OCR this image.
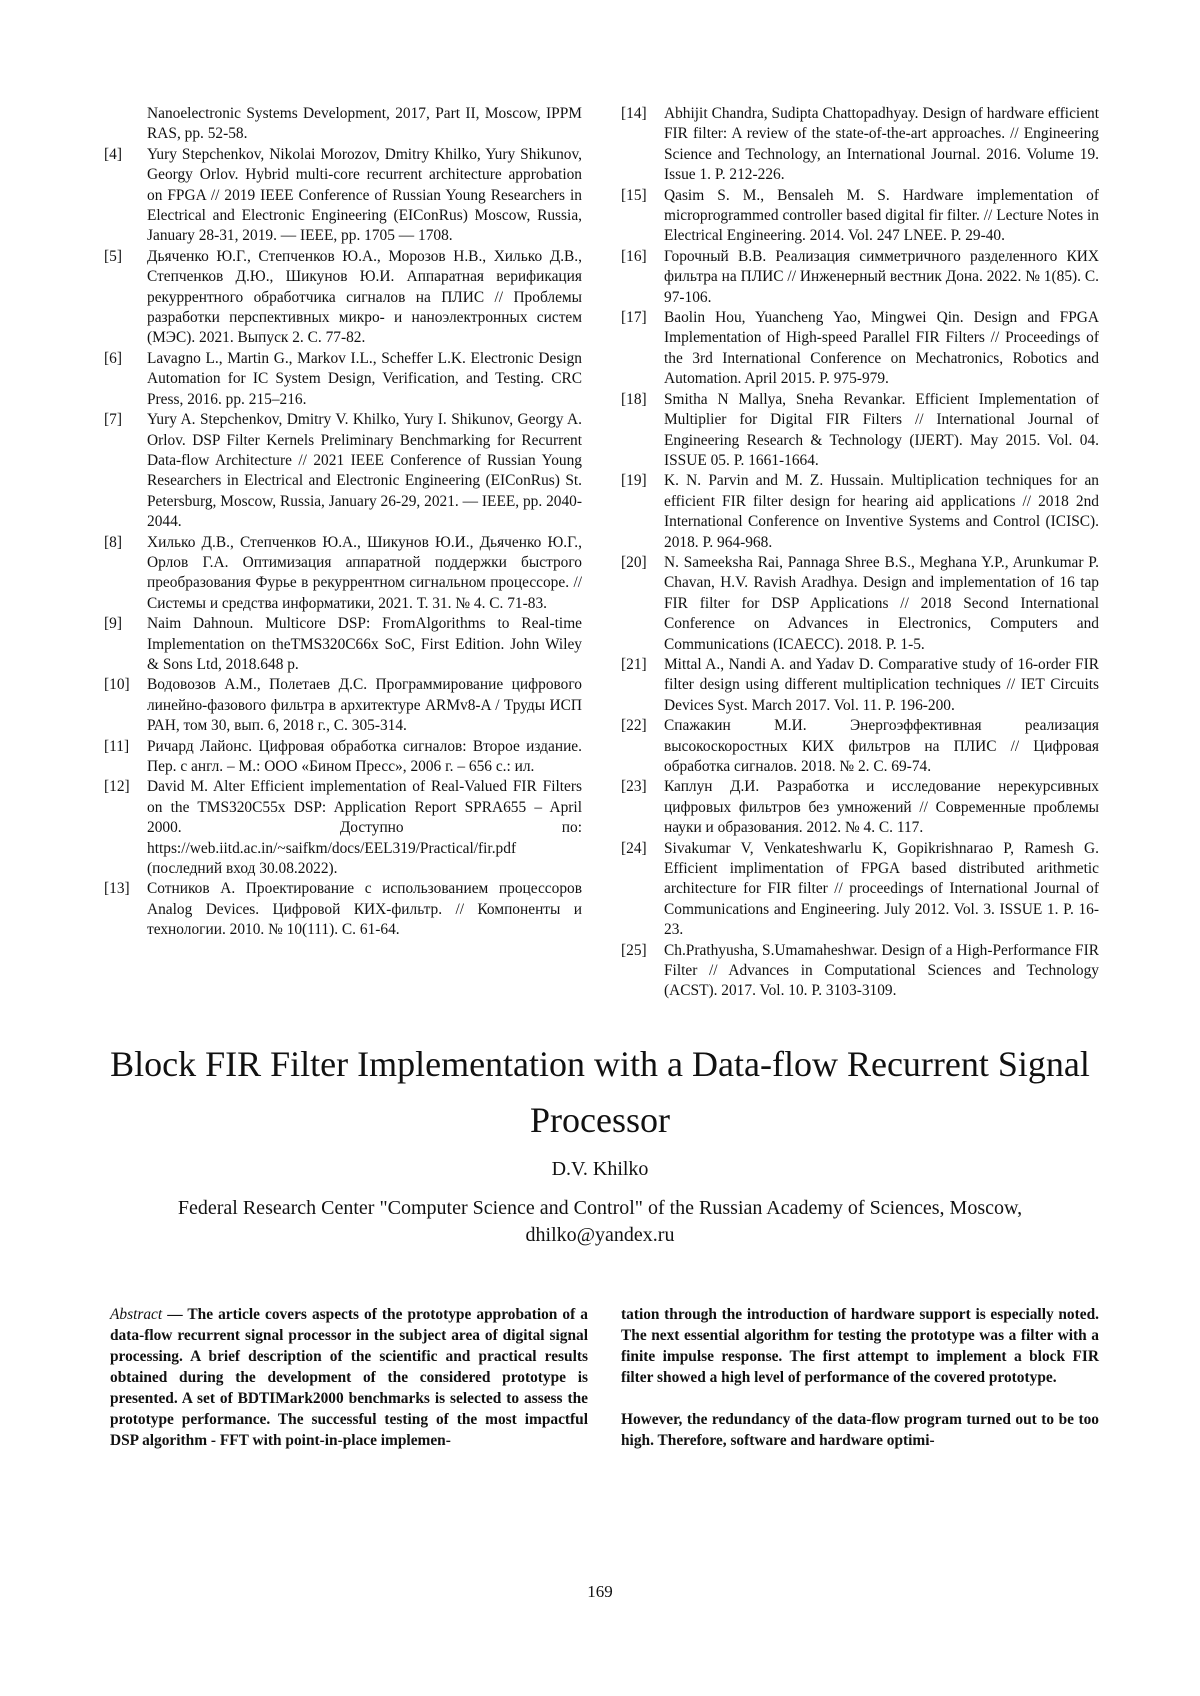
Nanoelectronic Systems Development, 2017, Part II, Moscow, IPPM RAS, pp. 52-58.
[4] Yury Stepchenkov, Nikolai Morozov, Dmitry Khilko, Yury Shikunov, Georgy Orlov. Hybrid multi-core recurrent architecture approbation on FPGA // 2019 IEEE Conference of Russian Young Researchers in Electrical and Electronic Engineering (EIConRus) Moscow, Russia, January 28-31, 2019. — IEEE, pp. 1705 — 1708.
[5] Дьяченко Ю.Г., Степченков Ю.А., Морозов Н.В., Хилько Д.В., Степченков Д.Ю., Шикунов Ю.И. Аппаратная верификация рекуррентного обработчика сигналов на ПЛИС // Проблемы разработки перспективных микро- и наноэлектронных систем (МЭС). 2021. Выпуск 2. С. 77-82.
[6] Lavagno L., Martin G., Markov I.L., Scheffer L.K. Electronic Design Automation for IC System Design, Verification, and Testing. CRC Press, 2016. pp. 215–216.
[7] Yury A. Stepchenkov, Dmitry V. Khilko, Yury I. Shikunov, Georgy A. Orlov. DSP Filter Kernels Preliminary Benchmarking for Recurrent Data-flow Architecture // 2021 IEEE Conference of Russian Young Researchers in Electrical and Electronic Engineering (EIConRus) St. Petersburg, Moscow, Russia, January 26-29, 2021. — IEEE, pp. 2040-2044.
[8] Хилько Д.В., Степченков Ю.А., Шикунов Ю.И., Дьяченко Ю.Г., Орлов Г.А. Оптимизация аппаратной поддержки быстрого преобразования Фурье в рекуррентном сигнальном процессоре. // Системы и средства информатики, 2021. Т. 31. № 4. С. 71-83.
[9] Naim Dahnoun. Multicore DSP: FromAlgorithms to Real-time Implementation on theTMS320C66x SoC, First Edition. John Wiley & Sons Ltd, 2018.648 p.
[10] Водовозов А.М., Полетаев Д.С. Программирование цифрового линейно-фазового фильтра в архитектуре ARMv8-A / Труды ИСП РАН, том 30, вып. 6, 2018 г., С. 305-314.
[11] Ричард Лайонс. Цифровая обработка сигналов: Второе издание. Пер. с англ. – М.: ООО «Бином Пресс», 2006 г. – 656 с.: ил.
[12] David M. Alter Efficient implementation of Real-Valued FIR Filters on the TMS320C55x DSP: Application Report SPRA655 – April 2000. Доступно по: https://web.iitd.ac.in/~saifkm/docs/EEL319/Practical/fir.pdf (последний вход 30.08.2022).
[13] Сотников А. Проектирование с использованием процессоров Analog Devices. Цифровой КИХ-фильтр. // Компоненты и технологии. 2010. № 10(111). С. 61-64.
[14] Abhijit Chandra, Sudipta Chattopadhyay. Design of hardware efficient FIR filter: A review of the state-of-the-art approaches. // Engineering Science and Technology, an International Journal. 2016. Volume 19. Issue 1. P. 212-226.
[15] Qasim S. M., Bensaleh M. S. Hardware implementation of microprogrammed controller based digital fir filter. // Lecture Notes in Electrical Engineering. 2014. Vol. 247 LNEE. P. 29-40.
[16] Горочный В.В. Реализация симметричного разделенного КИХ фильтра на ПЛИС // Инженерный вестник Дона. 2022. № 1(85). С. 97-106.
[17] Baolin Hou, Yuancheng Yao, Mingwei Qin. Design and FPGA Implementation of High-speed Parallel FIR Filters // Proceedings of the 3rd International Conference on Mechatronics, Robotics and Automation. April 2015. P. 975-979.
[18] Smitha N Mallya, Sneha Revankar. Efficient Implementation of Multiplier for Digital FIR Filters // International Journal of Engineering Research & Technology (IJERT). May 2015. Vol. 04. ISSUE 05. P. 1661-1664.
[19] K. N. Parvin and M. Z. Hussain. Multiplication techniques for an efficient FIR filter design for hearing aid applications // 2018 2nd International Conference on Inventive Systems and Control (ICISC). 2018. P. 964-968.
[20] N. Sameeksha Rai, Pannaga Shree B.S., Meghana Y.P., Arunkumar P. Chavan, H.V. Ravish Aradhya. Design and implementation of 16 tap FIR filter for DSP Applications // 2018 Second International Conference on Advances in Electronics, Computers and Communications (ICAECC). 2018. P. 1-5.
[21] Mittal A., Nandi A. and Yadav D. Comparative study of 16-order FIR filter design using different multiplication techniques // IET Circuits Devices Syst. March 2017. Vol. 11. P. 196-200.
[22] Спажакин М.И. Энергоэффективная реализация высокоскоростных КИХ фильтров на ПЛИС // Цифровая обработка сигналов. 2018. № 2. С. 69-74.
[23] Каплун Д.И. Разработка и исследование нерекурсивных цифровых фильтров без умножений // Современные проблемы науки и образования. 2012. № 4. С. 117.
[24] Sivakumar V, Venkateshwarlu K, Gopikrishnarao P, Ramesh G. Efficient implimentation of FPGA based distributed arithmetic architecture for FIR filter // proceedings of International Journal of Communications and Engineering. July 2012. Vol. 3. ISSUE 1. P. 16-23.
[25] Ch.Prathyusha, S.Umamaheshwar. Design of a High-Performance FIR Filter // Advances in Computational Sciences and Technology (ACST). 2017. Vol. 10. P. 3103-3109.
Block FIR Filter Implementation with a Data-flow Recurrent Signal Processor
D.V. Khilko
Federal Research Center "Computer Science and Control" of the Russian Academy of Sciences, Moscow, dhilko@yandex.ru
Abstract — The article covers aspects of the prototype approbation of a data-flow recurrent signal processor in the subject area of digital signal processing. A brief description of the scientific and practical results obtained during the development of the considered prototype is presented. A set of BDTIMark2000 benchmarks is selected to assess the prototype performance. The successful testing of the most impactful DSP algorithm - FFT with point-in-place implemen-
tation through the introduction of hardware support is especially noted. The next essential algorithm for testing the prototype was a filter with a finite impulse response. The first attempt to implement a block FIR filter showed a high level of performance of the covered prototype.
However, the redundancy of the data-flow program turned out to be too high. Therefore, software and hardware optimi-
169
